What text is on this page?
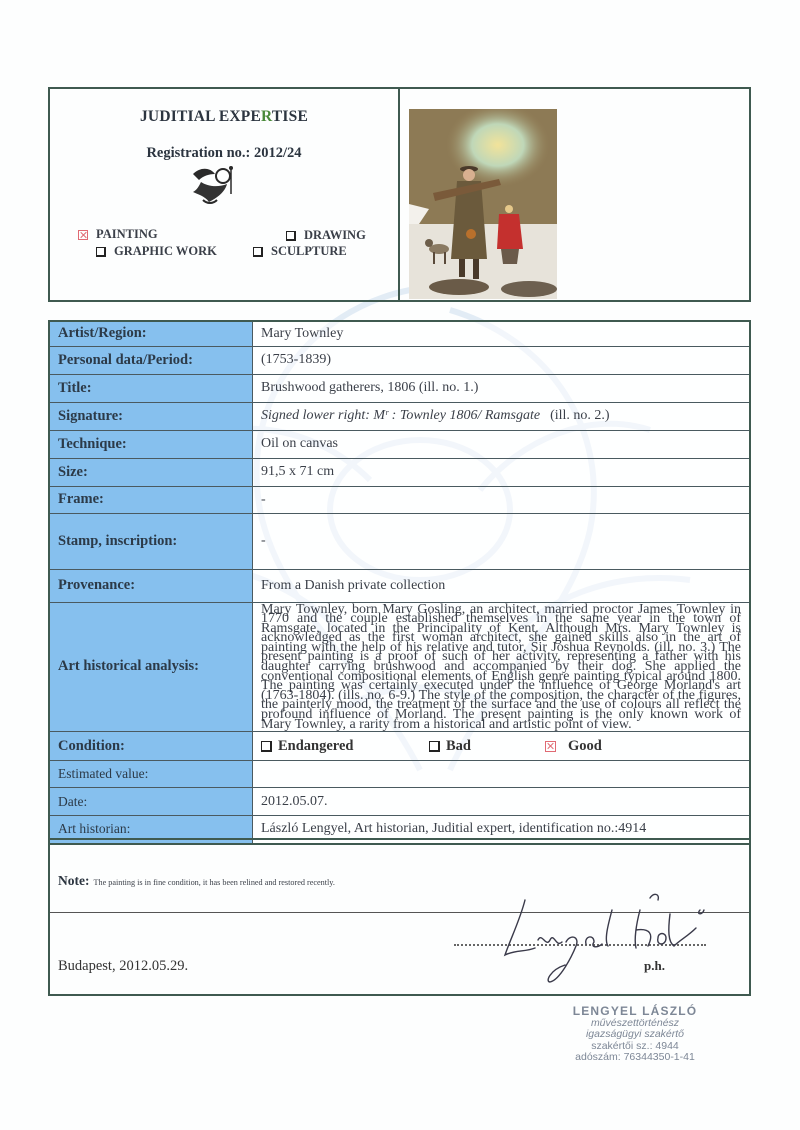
JUDITIAL EXPERTISE
Registration no.: 2012/24
PAINTING	DRAWING
GRAPHIC WORK	SCULPTURE
Artist/Region:	Mary Townley
Personal data/Period:	(1753-1839)
Title:	Brushwood gatherers, 1806 (ill. no. 1.)
Signature:	Signed lower right: Mʳ : Townley 1806/ Ramsgate (ill. no. 2.)
Technique:	Oil on canvas
Size:	91,5 x 71 cm
Frame:	-
Stamp, inscription:	-
Provenance:	From a Danish private collection
Art historical analysis:	Mary Townley, born Mary Gosling, an architect, married proctor James Townley in 1770 and the couple established themselves in the same year in the town of Ramsgate, located in the Principality of Kent. Although Mrs. Mary Townley is acknowledged as the first woman architect, she gained skills also in the art of painting with the help of his relative and tutor, Sir Joshua Reynolds. (ill. no. 3.) The present painting is a proof of such of her activity, representing a father with his daughter carrying brushwood and accompanied by their dog. She applied the conventional compositional elements of English genre painting typical around 1800. The painting was certainly executed under the influence of George Morland's art (1763-1804). (ills. no. 6-9.) The style of the composition, the character of the figures, the painterly mood, the treatment of the surface and the use of colours all reflect the profound influence of Morland. The present painting is the only known work of Mary Townley, a rarity from a historical and artistic point of view.
Condition:	Endangered Bad Good

Estimated value:	
Date:	2012.05.07.
Art historian:	László Lengyel, Art historian, Juditial expert, identification no.:4914
Note: The painting is in fine condition, it has been relined and restored recently.
Budapest, 2012.05.29.	p.h.
LENGYEL LÁSZLÓ
művészettörténész
igazságügyi szakértő
szakértői sz.: 4944
adószám: 76344350-1-41
